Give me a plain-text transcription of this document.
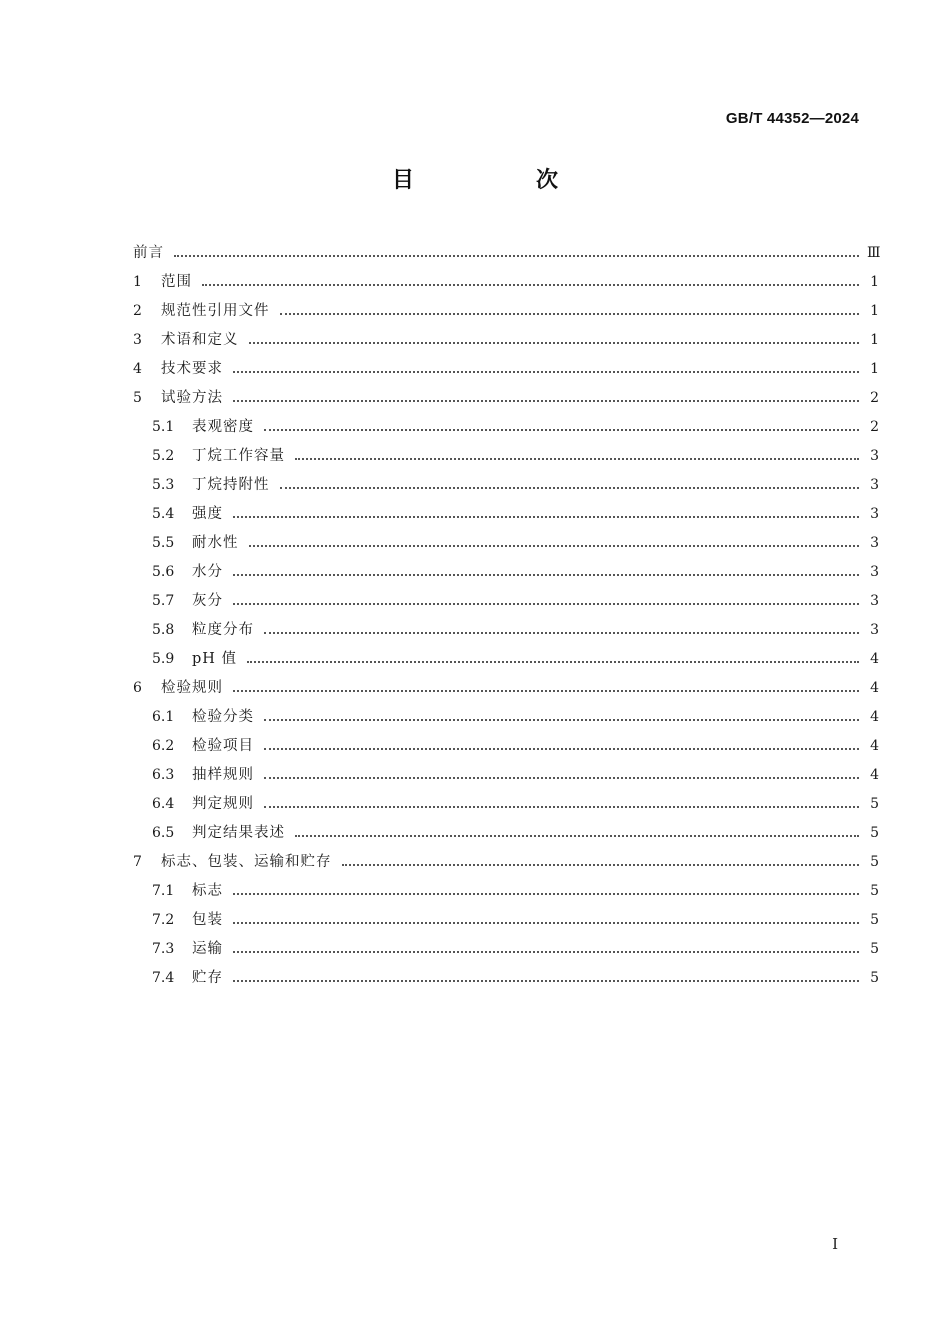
GB/T 44352—2024
目　次
前言	Ⅲ
1	范围	1
2	规范性引用文件	1
3	术语和定义	1
4	技术要求	1
5	试验方法	2
5.1	表观密度	2
5.2	丁烷工作容量	3
5.3	丁烷持附性	3
5.4	强度	3
5.5	耐水性	3
5.6	水分	3
5.7	灰分	3
5.8	粒度分布	3
5.9	pH 值	4
6	检验规则	4
6.1	检验分类	4
6.2	检验项目	4
6.3	抽样规则	4
6.4	判定规则	5
6.5	判定结果表述	5
7	标志、包装、运输和贮存	5
7.1	标志	5
7.2	包装	5
7.3	运输	5
7.4	贮存	5
Ⅰ
